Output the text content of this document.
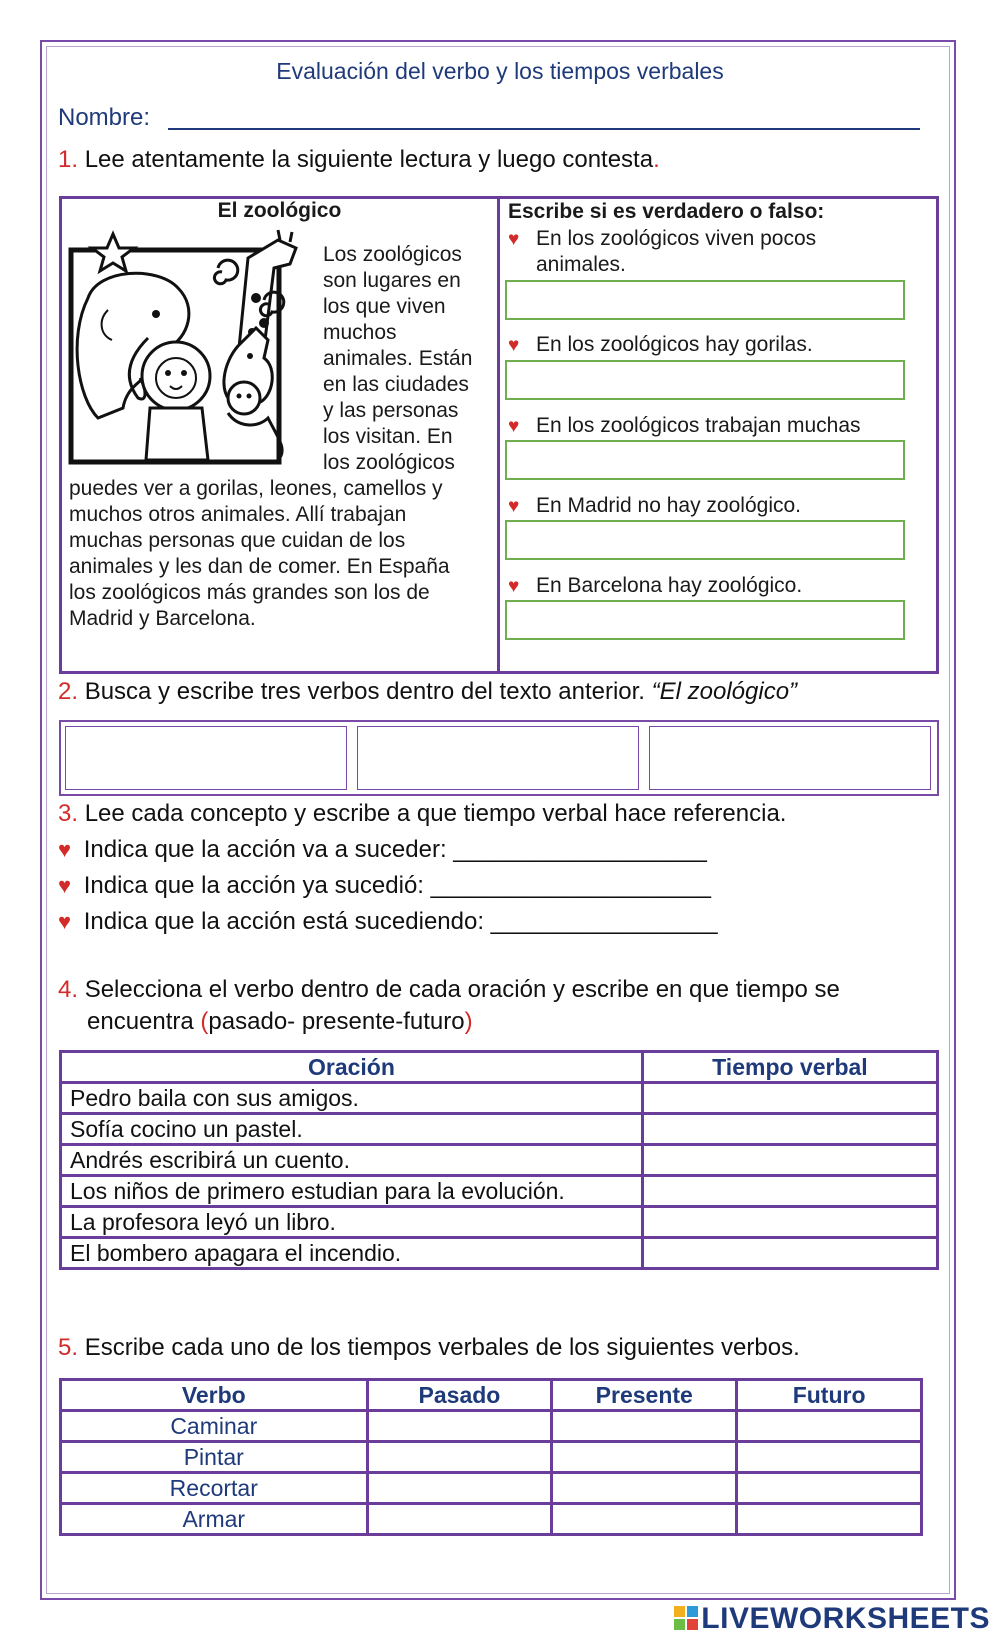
Evaluación del verbo y los tiempos verbales
Nombre:
1. Lee atentamente la siguiente lectura y luego contesta.
El zoológico
Los zoológicos
son lugares en
los que viven
muchos
animales. Están
en las ciudades
y las personas
los visitan. En
los zoológicos
puedes ver a gorilas, leones, camellos y
muchos otros animales. Allí trabajan
muchas personas que cuidan de los
animales y les dan de comer. En España
los zoológicos más grandes son los de
Madrid y Barcelona.
Escribe si es verdadero o falso:
♥ En los zoológicos viven pocos animales.
♥ En los zoológicos hay gorilas.
♥ En los zoológicos trabajan muchas
♥ En Madrid no hay zoológico.
♥ En Barcelona hay zoológico.
2. Busca y escribe tres verbos dentro del texto anterior. “El zoológico”
3. Lee cada concepto y escribe a que tiempo verbal hace referencia.
♥ Indica que la acción va a suceder: ___________________
♥ Indica que la acción ya sucedió: _____________________
♥ Indica que la acción está sucediendo: _________________
4. Selecciona el verbo dentro de cada oración y escribe en que tiempo se
encuentra (pasado- presente-futuro)
Oración	Tiempo verbal
Pedro baila con sus amigos.	
Sofía cocino un pastel.	
Andrés escribirá un cuento.	
Los niños de primero estudian para la evolución.	
La profesora leyó un libro.	
El bombero apagara el incendio.	
5. Escribe cada uno de los tiempos verbales de los siguientes verbos.
Verbo	Pasado	Presente	Futuro
Caminar			
Pintar			
Recortar			
Armar			
LIVEWORKSHEETS
